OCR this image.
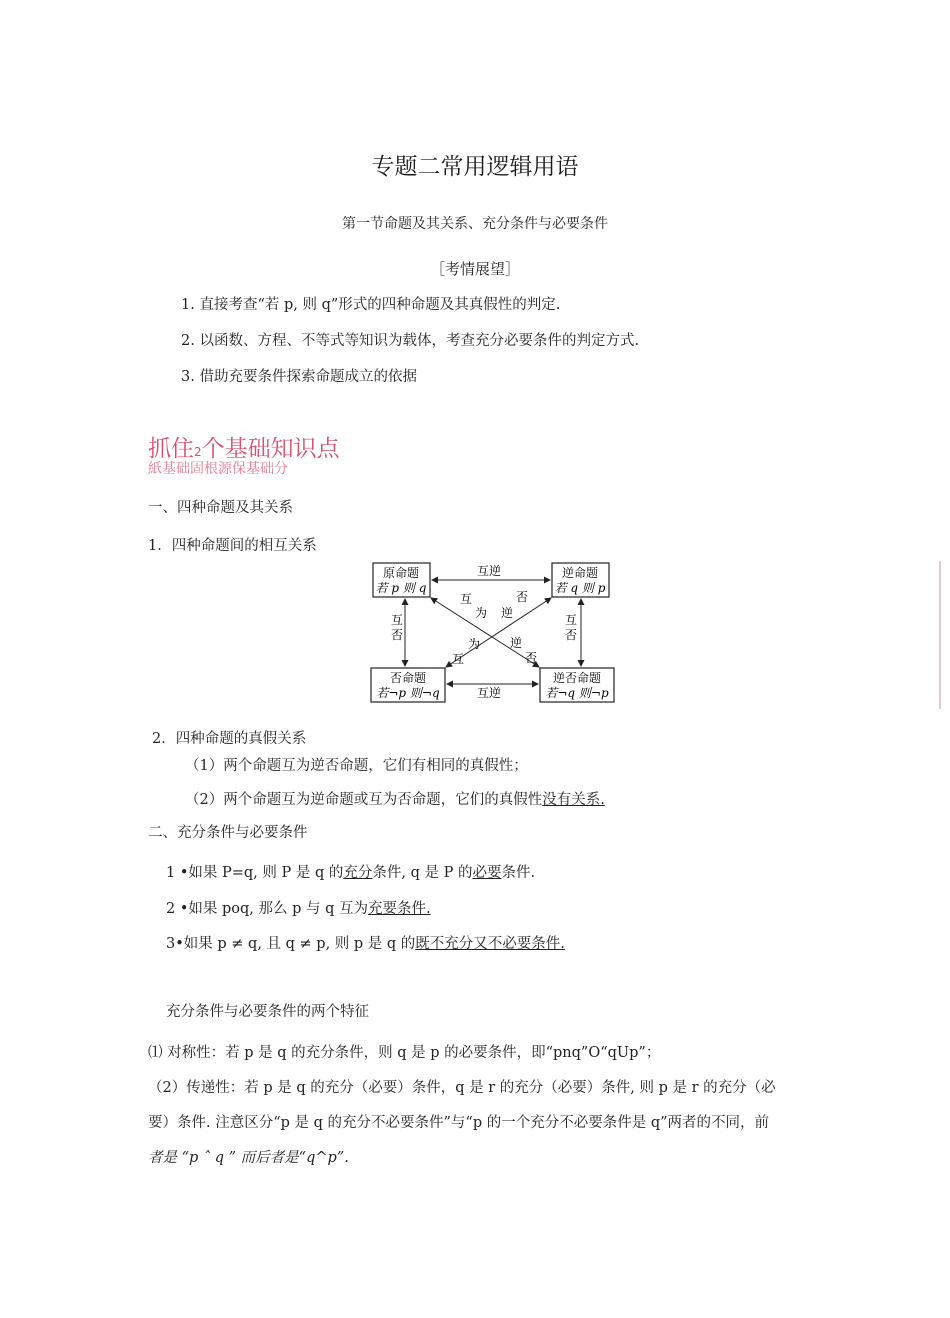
专题二常用逻辑用语
第一节命题及其关系、充分条件与必要条件
［考情展望］
1. 直接考查“若 p, 则 q”形式的四种命题及其真假性的判定.
2. 以函数、方程、不等式等知识为载体，考查充分必要条件的判定方式.
3. 借助充要条件探索命题成立的依据
抓住2个基础知识点
紙基础固根源保基础分
一、四种命题及其关系
1．四种命题间的相互关系
原命题
若 p 则 q
逆命题
若 q 则 p
否命题
若¬p 则¬q
逆否命题
若¬q 则¬p
互逆
互逆
互
否
互
否
互
为 逆
否
为
互
逆
否
2．四种命题的真假关系
（1）两个命题互为逆否命题，它们有相同的真假性；
（2）两个命题互为逆命题或互为否命题，它们的真假性没有关系.
二、充分条件与必要条件
1 •如果 P=q, 则 P 是 q 的充分条件, q 是 P 的必要条件.
2 •如果 poq, 那么 p 与 q 互为充要条件.
3•如果 p ≠ q, 且 q ≠ p, 则 p 是 q 的既不充分又不必要条件.
充分条件与必要条件的两个特征
⑴ 对称性：若 p 是 q 的充分条件，则 q 是 p 的必要条件，即“pnq”O“qUp”；
（2）传递性：若 p 是 q 的充分（必要）条件，q 是 r 的充分（必要）条件, 则 p 是 r 的充分（必
要）条件. 注意区分“p 是 q 的充分不必要条件”与“p 的一个充分不必要条件是 q”两者的不同，前
者是 “p ˆ q ” 而后者是“q^p”.
